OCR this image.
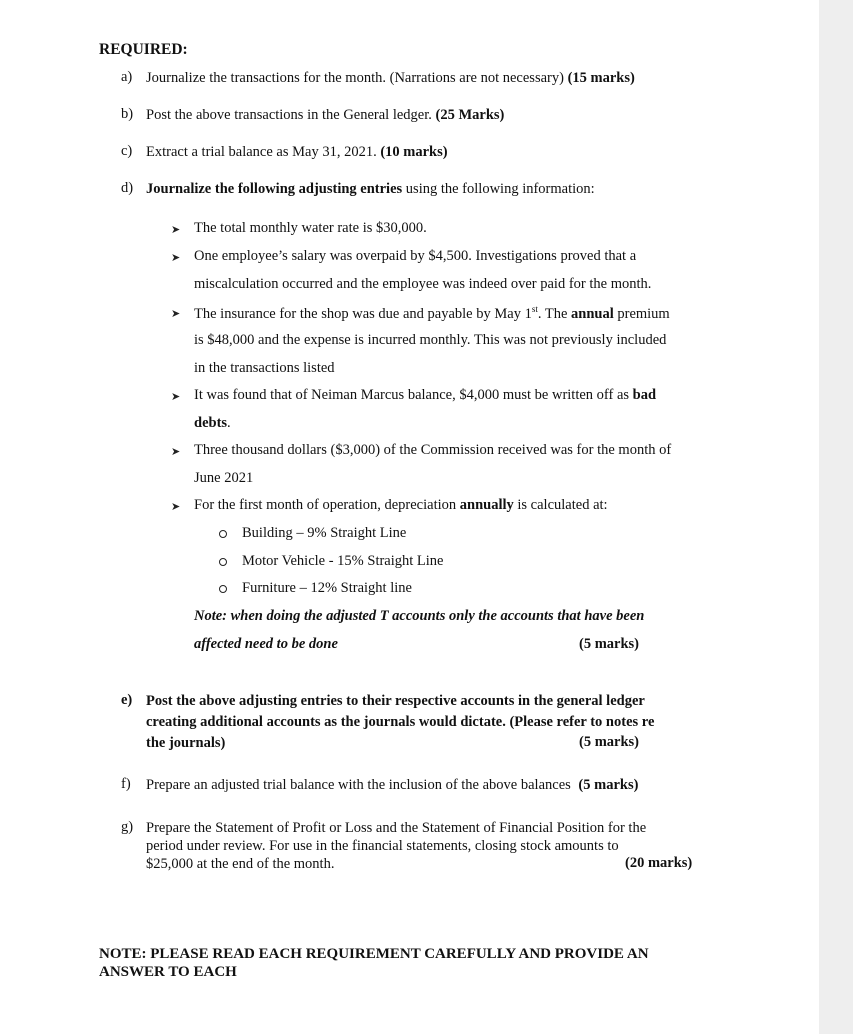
REQUIRED:
a) Journalize the transactions for the month. (Narrations are not necessary) (15 marks)
b) Post the above transactions in the General ledger. (25 Marks)
c) Extract a trial balance as May 31, 2021. (10 marks)
d) Journalize the following adjusting entries using the following information:
➤ The total monthly water rate is $30,000.
➤ One employee’s salary was overpaid by $4,500. Investigations proved that a
miscalculation occurred and the employee was indeed over paid for the month.
➤ The insurance for the shop was due and payable by May 1st. The annual premium
is $48,000 and the expense is incurred monthly. This was not previously included
in the transactions listed
➤ It was found that of Neiman Marcus balance, $4,000 must be written off as bad
debts.
➤ Three thousand dollars ($3,000) of the Commission received was for the month of
June 2021
➤ For the first month of operation, depreciation annually is calculated at:
Building – 9% Straight Line
Motor Vehicle - 15% Straight Line
Furniture – 12% Straight line
Note: when doing the adjusted T accounts only the accounts that have been
affected need to be done	(5 marks)
e) Post the above adjusting entries to their respective accounts in the general ledger
creating additional accounts as the journals would dictate. (Please refer to notes re
the journals)	(5 marks)
f) Prepare an adjusted trial balance with the inclusion of the above balances (5 marks)
g) Prepare the Statement of Profit or Loss and the Statement of Financial Position for the
period under review. For use in the financial statements, closing stock amounts to
$25,000 at the end of the month.	(20 marks)
NOTE: PLEASE READ EACH REQUIREMENT CAREFULLY AND PROVIDE AN
ANSWER TO EACH
